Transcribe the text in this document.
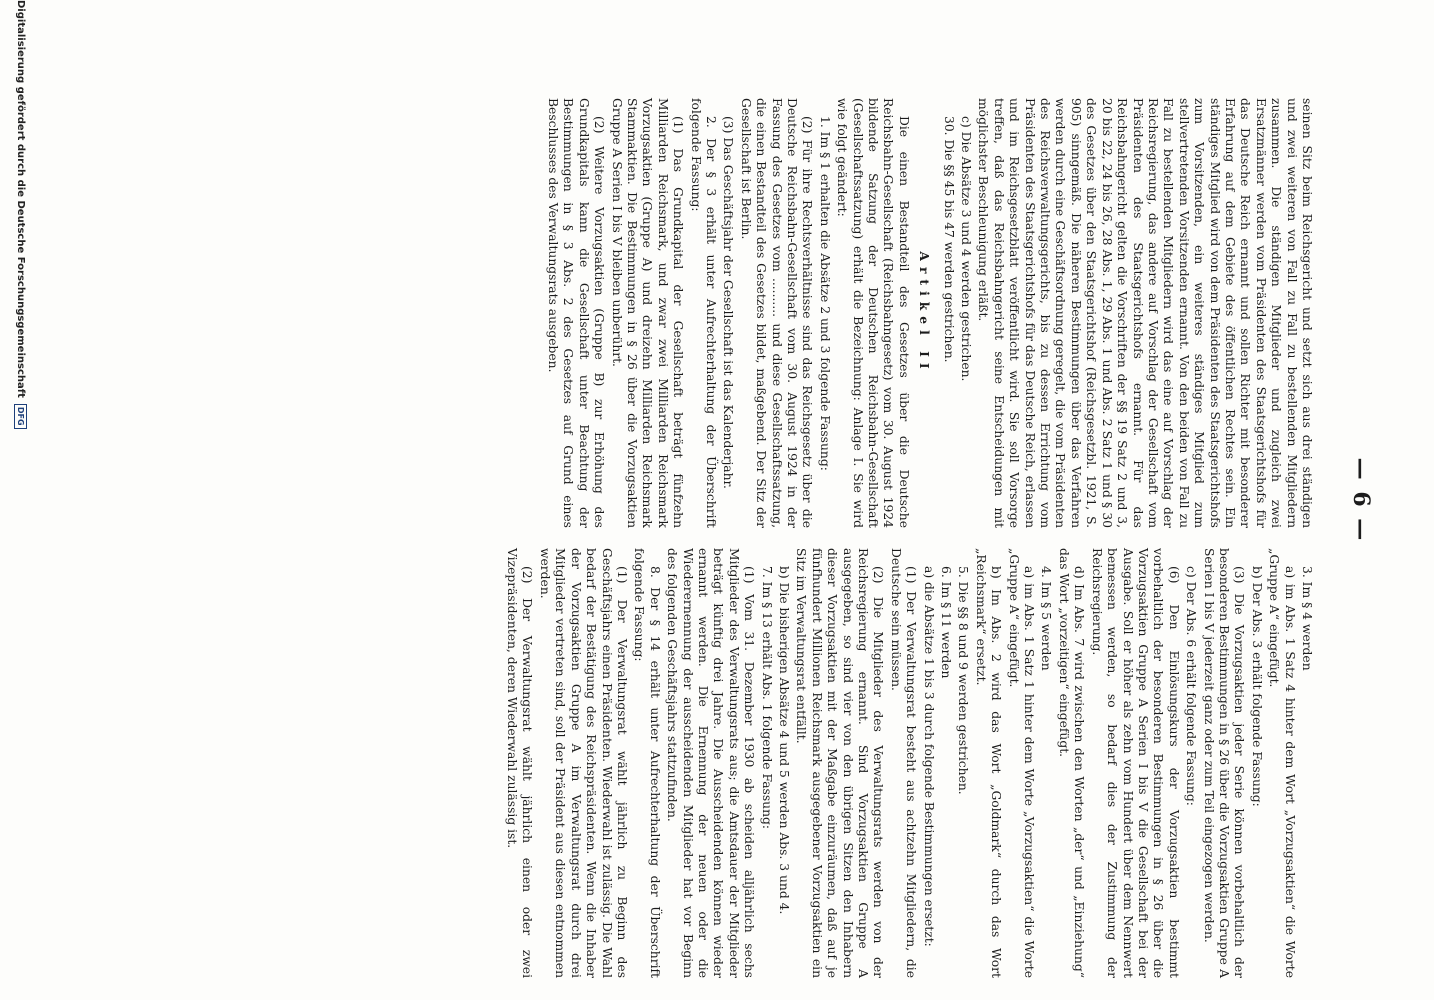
— 6 —

seinen Sitz beim Reichsgericht und setzt sich aus drei ständigen und zwei weiteren von Fall zu Fall zu bestellenden Mitgliedern zusammen. Die ständigen Mitglieder und zugleich zwei Ersatzmänner werden vom Präsidenten des Staatsgerichtshofs für das Deutsche Reich ernannt und sollen Richter mit besonderer Erfahrung auf dem Gebiete des öffentlichen Rechtes sein. Ein ständiges Mitglied wird von dem Präsidenten des Staatsgerichtshofs zum Vorsitzenden, ein weiteres ständiges Mitglied zum stellvertretenden Vorsitzenden ernannt. Von den beiden von Fall zu Fall zu bestellenden Mitgliedern wird das eine auf Vorschlag der Reichsregierung, das andere auf Vorschlag der Gesellschaft vom Präsidenten des Staatsgerichtshofs ernannt. Für das Reichsbahngericht gelten die Vorschriften der §§ 19 Satz 2 und 3, 20 bis 22, 24 bis 26, 28 Abs. 1, 29 Abs. 1 und Abs. 2 Satz 1 und § 30 des Gesetzes über den Staatsgerichtshof (Reichsgesetzbl. 1921, S. 905) sinngemäß. Die näheren Bestimmungen über das Verfahren werden durch eine Geschäftsordnung geregelt, die vom Präsidenten des Reichsverwaltungsgerichts, bis zu dessen Errichtung vom Präsidenten des Staatsgerichtshofs für das Deutsche Reich, erlassen und im Reichsgesetzblatt veröffentlicht wird. Sie soll Vorsorge treffen, daß das Reichsbahngericht seine Entscheidungen mit möglichster Beschleunigung erläßt.

c) Die Absätze 3 und 4 werden gestrichen.

30. Die §§ 45 bis 47 werden gestrichen.

Artikel II

Die einen Bestandteil des Gesetzes über die Deutsche Reichsbahn-Gesellschaft (Reichsbahngesetz) vom 30. August 1924 bildende Satzung der Deutschen Reichsbahn-Gesellschaft (Gesellschaftssatzung) erhält die Bezeichnung: Anlage I. Sie wird wie folgt geändert:

1. Im § 1 erhalten die Absätze 2 und 3 folgende Fassung:

(2) Für ihre Rechtsverhältnisse sind das Reichsgesetz über die Deutsche Reichsbahn-Gesellschaft vom 30. August 1924 in der Fassung des Gesetzes vom .......... und diese Gesellschaftssatzung, die einen Bestandteil des Gesetzes bildet, maßgebend. Der Sitz der Gesellschaft ist Berlin.

(3) Das Geschäftsjahr der Gesellschaft ist das Kalenderjahr.

2. Der § 3 erhält unter Aufrechterhaltung der Überschrift folgende Fassung:

(1) Das Grundkapital der Gesellschaft beträgt fünfzehn Milliarden Reichsmark, und zwar zwei Milliarden Reichsmark Vorzugsaktien (Gruppe A) und dreizehn Milliarden Reichsmark Stammaktien. Die Bestimmungen in § 26 über die Vorzugsaktien Gruppe A Serien I bis V bleiben unberührt.

(2) Weitere Vorzugsaktien (Gruppe B) zur Erhöhung des Grundkapitals kann die Gesellschaft unter Beachtung der Bestimmungen in § 3 Abs. 2 des Gesetzes auf Grund eines Beschlusses des Verwaltungsrats ausgeben.

3. Im § 4 werden

a) im Abs. 1 Satz 4 hinter dem Wort „Vorzugsaktien“ die Worte „Gruppe A“ eingefügt.

b) Der Abs. 3 erhält folgende Fassung:

(3) Die Vorzugsaktien jeder Serie können vorbehaltlich der besonderen Bestimmungen in § 26 über die Vorzugsaktien Gruppe A Serien I bis V jederzeit ganz oder zum Teil eingezogen werden.

c) Der Abs. 6 erhält folgende Fassung:

(6) Den Einlösungskurs der Vorzugsaktien bestimmt vorbehaltlich der besonderen Bestimmungen in § 26 über die Vorzugsaktien Gruppe A Serien I bis V die Gesellschaft bei der Ausgabe. Soll er höher als zehn vom Hundert über dem Nennwert bemessen werden, so bedarf dies der Zustimmung der Reichsregierung.

d) Im Abs. 7 wird zwischen den Worten „der“ und „Einziehung“ das Wort „vorzeitigen“ eingefügt.

4. Im § 5 werden

a) im Abs. 1 Satz 1 hinter dem Worte „Vorzugsaktien“ die Worte „Gruppe A“ eingefügt.

b) Im Abs. 2 wird das Wort „Goldmark“ durch das Wort „Reichsmark“ ersetzt.

5. Die §§ 8 und 9 werden gestrichen.

6. Im § 11 werden

a) die Absätze 1 bis 3 durch folgende Bestimmungen ersetzt:

(1) Der Verwaltungsrat besteht aus achtzehn Mitgliedern, die Deutsche sein müssen.

(2) Die Mitglieder des Verwaltungsrats werden von der Reichsregierung ernannt. Sind Vorzugsaktien Gruppe A ausgegeben, so sind vier von den übrigen Sitzen den Inhabern dieser Vorzugsaktien mit der Maßgabe einzuräumen, daß auf je fünfhundert Millionen Reichsmark ausgegebener Vorzugsaktien ein Sitz im Verwaltungsrat entfällt.

b) Die bisherigen Absätze 4 und 5 werden Abs. 3 und 4.

7. Im § 13 erhält Abs. 1 folgende Fassung:

(1) Vom 31. Dezember 1930 ab scheiden alljährlich sechs Mitglieder des Verwaltungsrats aus; die Amtsdauer der Mitglieder beträgt künftig drei Jahre. Die Ausscheidenden können wieder ernannt werden. Die Ernennung der neuen oder die Wiederernennung der ausscheidenden Mitglieder hat vor Beginn des folgenden Geschäftsjahrs stattzufinden.

8. Der § 14 erhält unter Aufrechterhaltung der Überschrift folgende Fassung:

(1) Der Verwaltungsrat wählt jährlich zu Beginn des Geschäftsjahrs einen Präsidenten. Wiederwahl ist zulässig. Die Wahl bedarf der Bestätigung des Reichspräsidenten. Wenn die Inhaber der Vorzugsaktien Gruppe A im Verwaltungsrat durch drei Mitglieder vertreten sind, soll der Präsident aus diesen entnommen werden.

(2) Der Verwaltungsrat wählt jährlich einen oder zwei Vizepräsidenten, deren Wiederwahl zulässig ist.

Digitalisierung gefördert durch die Deutsche Forschungsgemeinschaft
DFG
